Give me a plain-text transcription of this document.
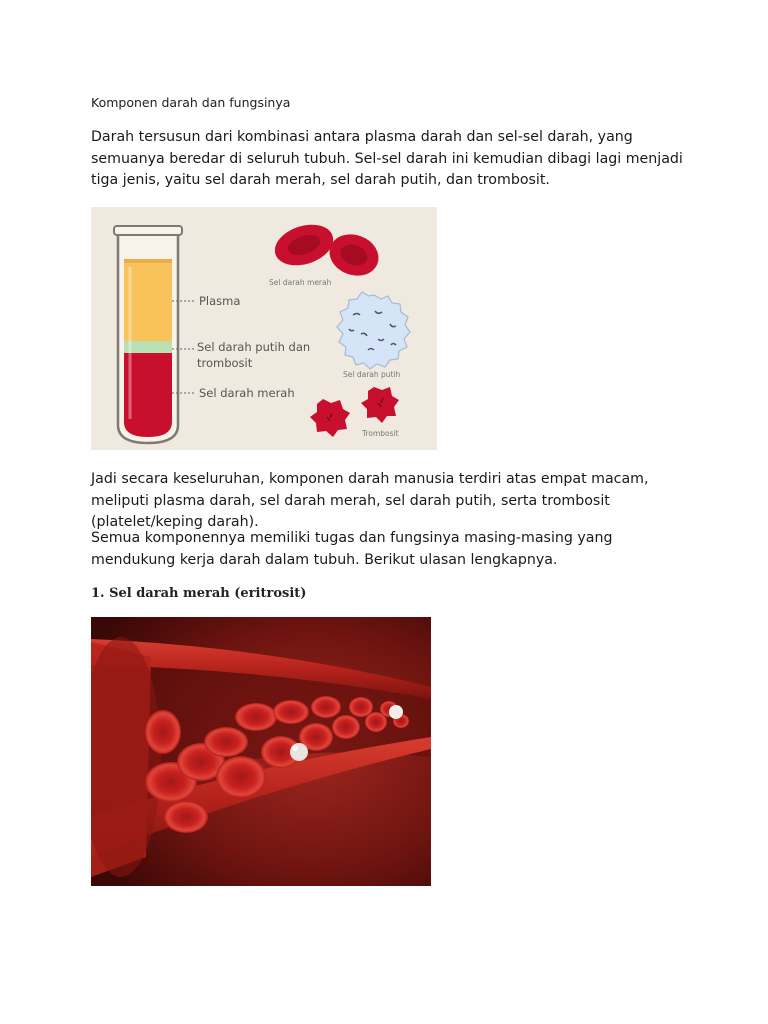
Komponen darah dan fungsinya
Darah tersusun dari kombinasi antara plasma darah dan sel-sel darah, yang semuanya beredar di seluruh tubuh. Sel-sel darah ini kemudian dibagi lagi menjadi tiga jenis, yaitu sel darah merah, sel darah putih, dan trombosit.
Plasma
Sel darah putih dan
trombosit
Sel darah merah
Sel darah merah
Sel darah putih
Trombosit
Jadi secara keseluruhan, komponen darah manusia terdiri atas empat macam, meliputi plasma darah, sel darah merah, sel darah putih, serta trombosit (platelet/keping darah).
Semua komponennya memiliki tugas dan fungsinya masing-masing yang mendukung kerja darah dalam tubuh. Berikut ulasan lengkapnya.
1. Sel darah merah (eritrosit)
